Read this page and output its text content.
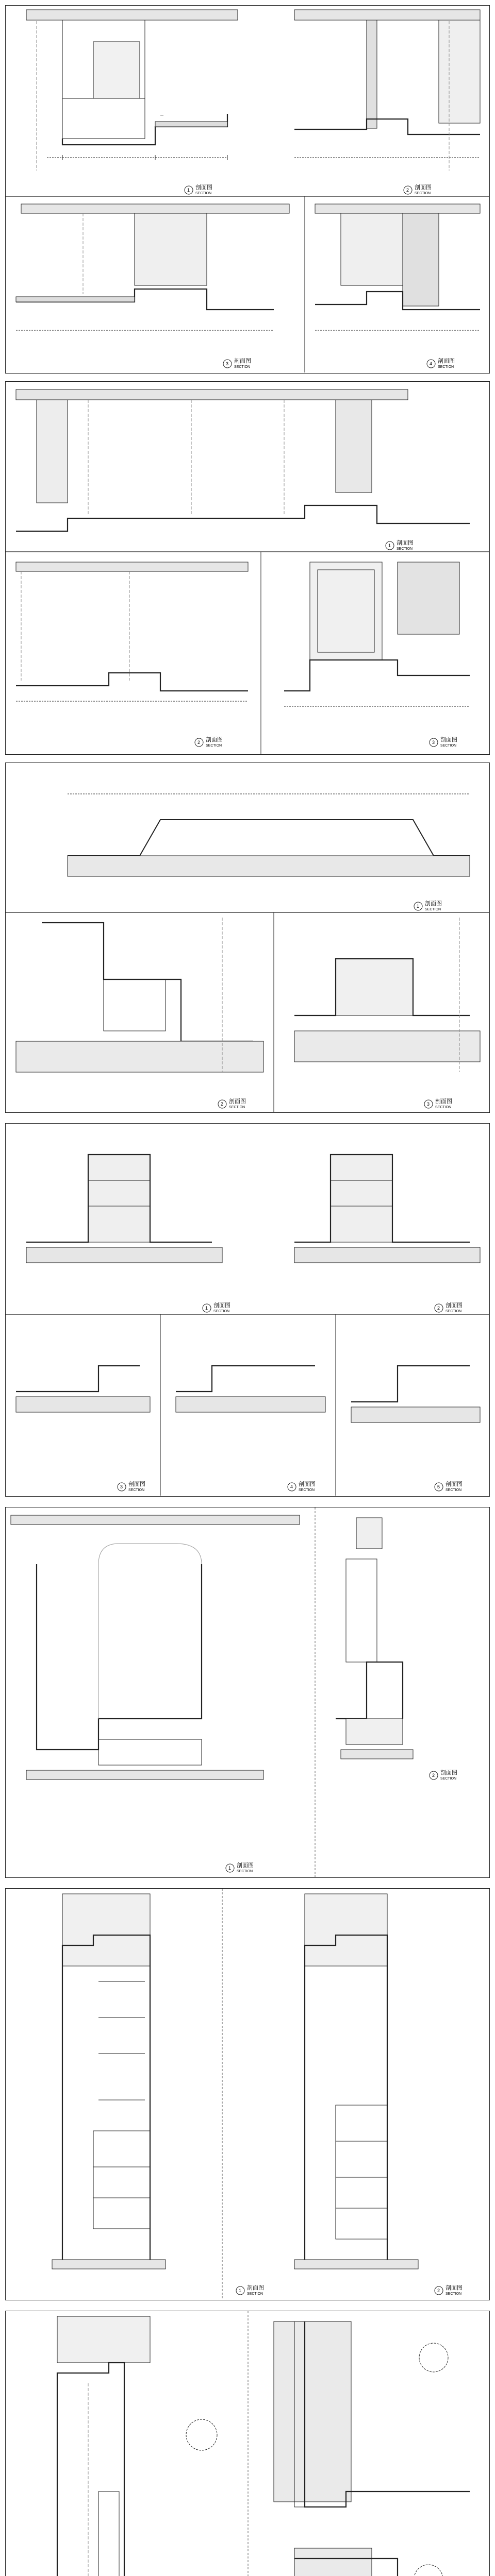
—
1 剖面图
SECTION
2 剖面图
SECTION
3 剖面图
SECTION
4 剖面图
SECTION
1 剖面图
SECTION
2 剖面图
SECTION
3 剖面图
SECTION
1 剖面图
SECTION
2 剖面图
SECTION
3 剖面图
SECTION
1 剖面图
SECTION
2 剖面图
SECTION
3 剖面图
SECTION
4 剖面图
SECTION
5 剖面图
SECTION
1 剖面图
SECTION
2 剖面图
SECTION
1 剖面图
SECTION
2 剖面图
SECTION
